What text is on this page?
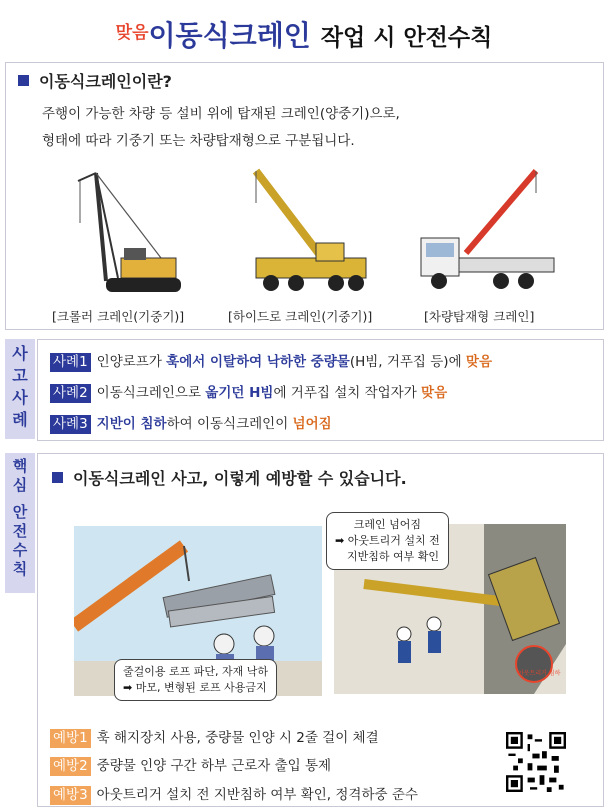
맞음이동식크레인 작업 시 안전수칙
이동식크레인이란?
주행이 가능한 차량 등 설비 위에 탑재된 크레인(양중기)으로,
형태에 따라 기중기 또는 차량탑재형으로 구분됩니다.
[크롤러 크레인(기중기)]	[하이드로 크레인(기중기)]	[차량탑재형 크레인]
사
고
사
례
사례1 인양로프가 훅에서 이탈하여 낙하한 중량물(H빔, 거푸집 등)에 맞음
사례2 이동식크레인으로 옮기던 H빔에 거푸집 설치 작업자가 맞음
사례3 지반이 침하하여 이동식크레인이 넘어짐
핵
심
안
전
수
칙
이동식크레인 사고, 이렇게 예방할 수 있습니다.
줄걸이용 로프 파단, 자재 낙하
➡ 마모, 변형된 로프 사용금지
크레인 넘어짐
➡ 아웃트리거 설치 전
지반침하 여부 확인
아웃트리거 침하
예방1 훅 해지장치 사용, 중량물 인양 시 2줄 걸이 체결
예방2 중량물 인양 구간 하부 근로자 출입 통제
예방3 아웃트리거 설치 전 지반침하 여부 확인, 정격하중 준수
